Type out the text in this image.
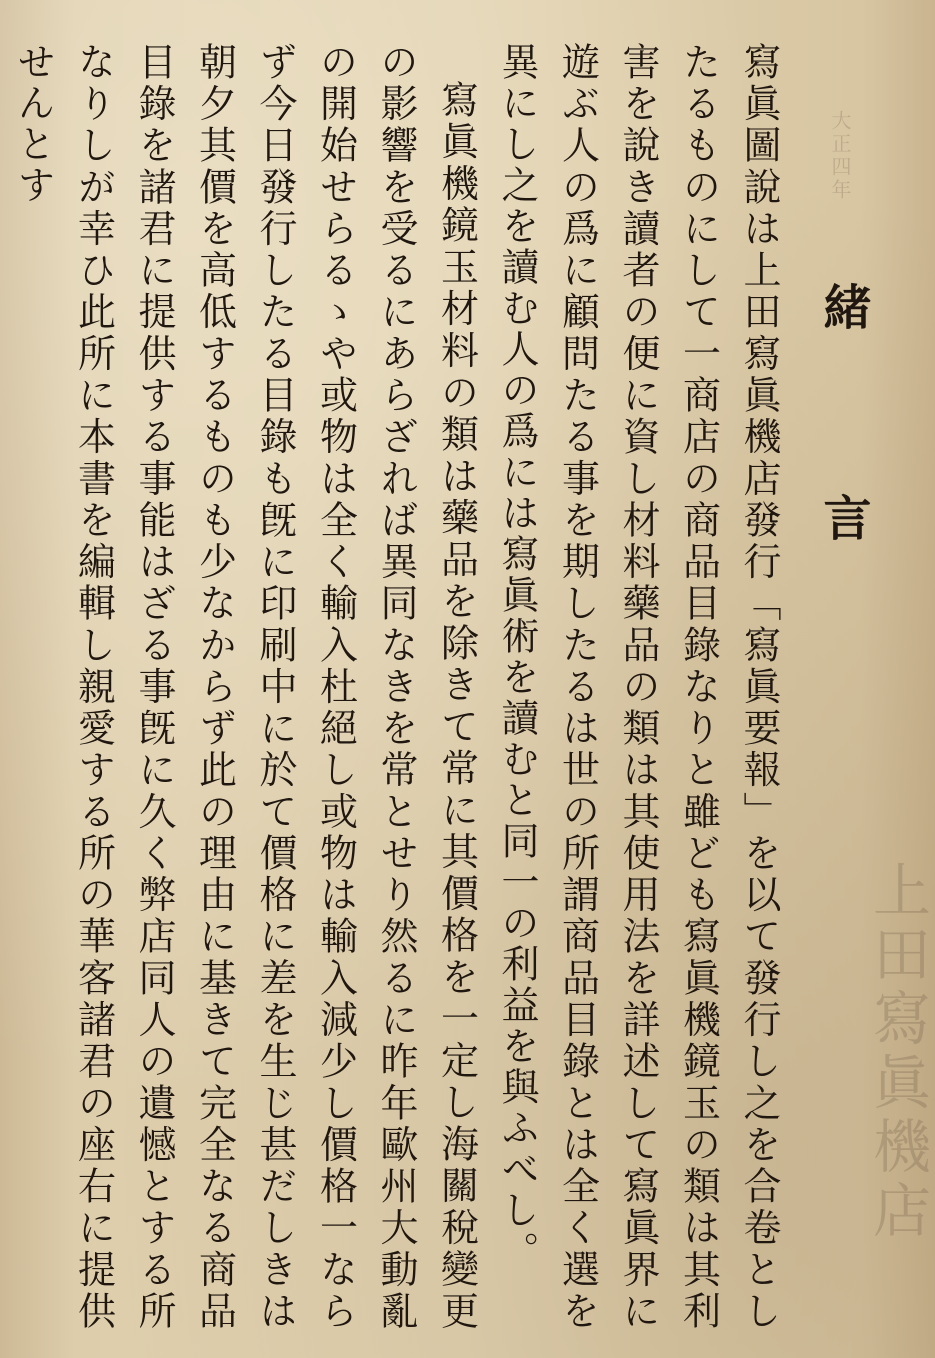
大正四年
上田寫眞機店
緒言
寫眞圖說は上田寫眞機店發行「寫眞要報」を以て發行し之を合卷としたるものにして一商店の商品目錄なりと雖ども寫眞機鏡玉の類は其利害を說き讀者の便に資し材料藥品の類は其使用法を詳述して寫眞界に遊ぶ人の爲に顧問たる事を期したるは世の所謂商品目錄とは全く選を異にし之を讀む人の爲には寫眞術を讀むと同一の利益を與ふべし。
寫眞機鏡玉材料の類は藥品を除きて常に其價格を一定し海關稅變更の影響を受るにあらざれば異同なきを常とせり然るに昨年歐州大動亂の開始せらるゝや或物は全く輸入杜絕し或物は輸入減少し價格一ならず今日發行したる目錄も旣に印刷中に於て價格に差を生じ甚だしきは朝夕其價を高低するものも少なからず此の理由に基きて完全なる商品目錄を諸君に提供する事能はざる事旣に久く弊店同人の遺憾とする所なりしが幸ひ此所に本書を編輯し親愛する所の華客諸君の座右に提供せんとす
